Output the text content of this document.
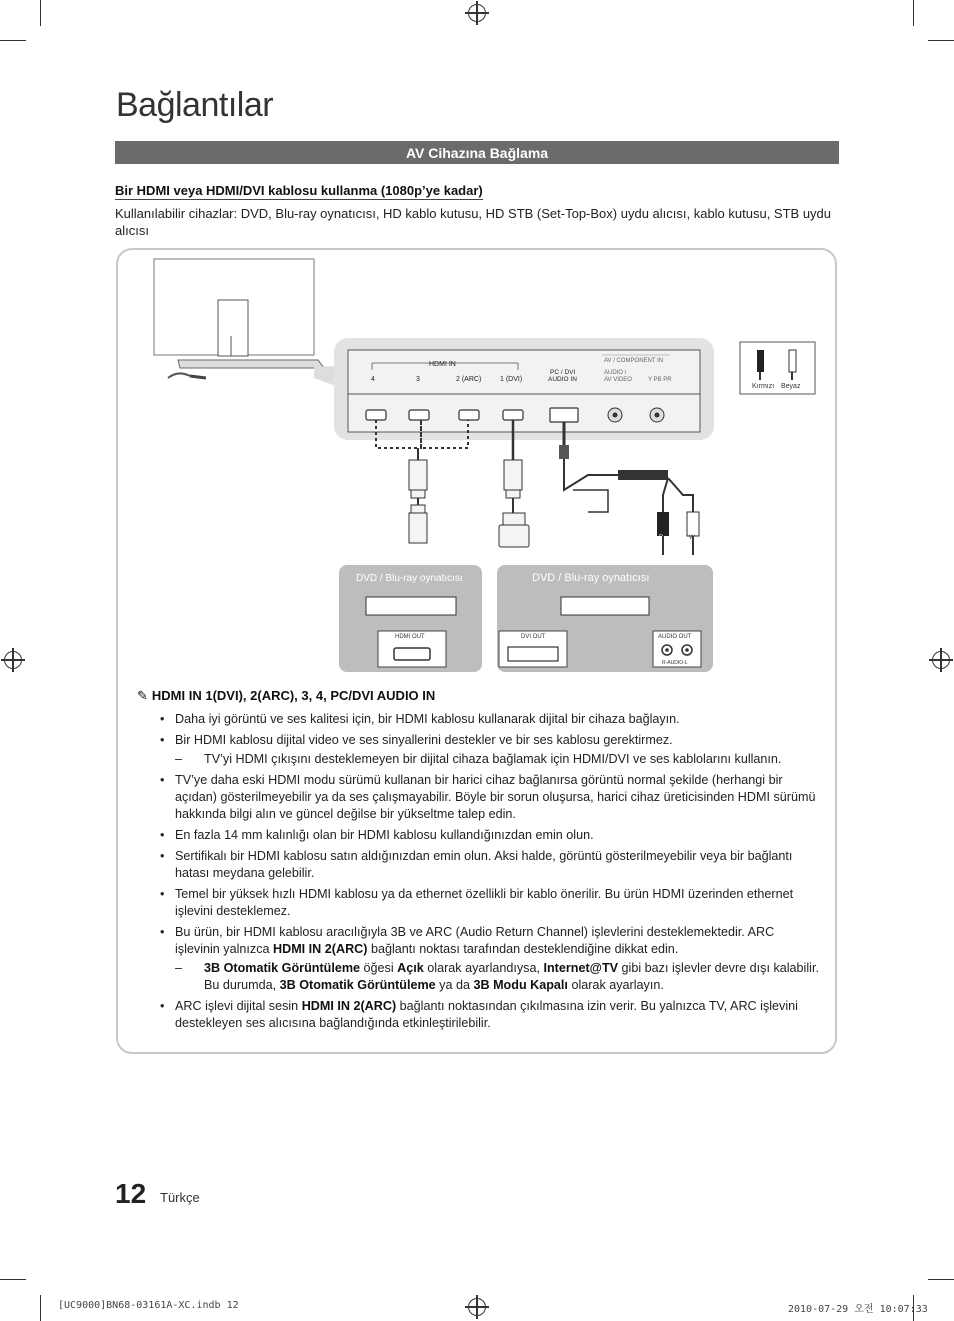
Bağlantılar
AV Cihazına Bağlama
Bir HDMI veya HDMI/DVI kablosu kullanma (1080p’ye kadar)
Kullanılabilir cihazlar: DVD, Blu-ray oynatıcısı, HD kablo kutusu, HD STB (Set-Top-Box) uydu alıcısı, kablo kutusu, STB uydu alıcısı
HDMI IN
4	3	2 (ARC)	1 (DVI)
PC / DVI
AUDIO IN
AV / COMPONENT IN
AUDIO /
AV VIDEO	Y PB PR
R	W
Kırmızı Beyaz
DVD / Blu-ray oynatıcısı	DVD / Blu-ray oynatıcısı
HDMI OUT	DVI OUT	AUDIO OUT
R-AUDIO-L
✎ HDMI IN 1(DVI), 2(ARC), 3, 4, PC/DVI AUDIO IN
• Daha iyi görüntü ve ses kalitesi için, bir HDMI kablosu kullanarak dijital bir cihaza bağlayın.
• Bir HDMI kablosu dijital video ve ses sinyallerini destekler ve bir ses kablosu gerektirmez.
– TV’yi HDMI çıkışını desteklemeyen bir dijital cihaza bağlamak için HDMI/DVI ve ses kablolarını kullanın.
• TV’ye daha eski HDMI modu sürümü kullanan bir harici cihaz bağlanırsa görüntü normal şekilde (herhangi bir açıdan) gösterilmeyebilir ya da ses çalışmayabilir. Böyle bir sorun oluşursa, harici cihaz üreticisinden HDMI sürümü hakkında bilgi alın ve güncel değilse bir yükseltme talep edin.
• En fazla 14 mm kalınlığı olan bir HDMI kablosu kullandığınızdan emin olun.
• Sertifikalı bir HDMI kablosu satın aldığınızdan emin olun. Aksi halde, görüntü gösterilmeyebilir veya bir bağlantı hatası meydana gelebilir.
• Temel bir yüksek hızlı HDMI kablosu ya da ethernet özellikli bir kablo önerilir. Bu ürün HDMI üzerinden ethernet işlevini desteklemez.
• Bu ürün, bir HDMI kablosu aracılığıyla 3B ve ARC (Audio Return Channel) işlevlerini desteklemektedir. ARC işlevinin yalnızca HDMI IN 2(ARC) bağlantı noktası tarafından desteklendiğine dikkat edin.
– 3B Otomatik Görüntüleme öğesi Açık olarak ayarlandıysa, Internet@TV gibi bazı işlevler devre dışı kalabilir. Bu durumda, 3B Otomatik Görüntüleme ya da 3B Modu Kapalı olarak ayarlayın.
• ARC işlevi dijital sesin HDMI IN 2(ARC) bağlantı noktasından çıkılmasına izin verir. Bu yalnızca TV, ARC işlevini destekleyen ses alıcısına bağlandığında etkinleştirilebilir.
12 Türkçe
[UC9000]BN68-03161A-XC.indb 12	2010-07-29 오전 10:07:33
